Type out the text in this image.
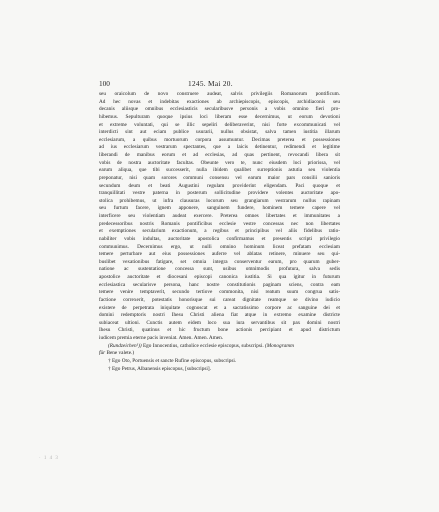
100	1245. Mai 20.

seu oraicolum de novo construere audeat, salvis privilegiis Romanorum pontificum.
Ad hec novas et indebitas exactiones ab archiepiscopis, episcopis, archidiaconis seu
decanis aliisque omnibus ecclesiasticis secularibusve personis a vobis omnino fieri pro-
hibemus. Sepulturam quoque ipsius loci liberam esse decernimus, ut eorum devotioni
et extreme voluntati, qui se illic sepeliri deliberaverint, nisi forte excommunicati vel
interdicti sint aut eciam publice usurarii, nullus obsistat, salva tamen iustitia illarum
ecclesiarum, a quibus mortuorum corpora assumuntur. Decimas preterea et possessiones
ad ius ecclesiarum vestrarum spectantes, que a laicis detinentur, redimendi et legitime
liberandi de manibus eorum et ad ecclesias, ad quas pertinent, revocandi libera sit
vobis de nostra auctoritate facultas. Obeunte vero te, nunc eiusdem loci priorissa, vel
earum aliqua, que tibi successerit, nulla ibidem qualibet surreptionis astutia seu violentia
preponatur, nisi quam sorores communi consensu vel earum maior pars consilii sanioris
secundum deum et beati Augustini regulam providerint eligendam. Paci quoque et
tranquillitati vestre paterna in posterum sollicitudine providere volentes auctoritate apo-
stolica prohibemus, ut infra clausuras locorum seu grangiarum vestrarum nullus rapinam
seu furtum facere, ignem apponere, sanguinem fundere, hominem temere capere vel
interficere seu violentiam audeat exercere. Preterea omnes libertates et immunitates a
predecessoribus nostris Romanis pontificibus ecclesie vestre concessas nec non libertates
et exemptiones secularium exactionum, a regibus et principibus vel aliis fidelibus ratio-
nabiliter vobis indultas, auctoritate apostolica confirmamus et presentis scripti privilegio
communimus. Decernimus ergo, ut nulli omnino hominum liceat prefatam ecclesiam
temere perturbare aut eius possessiones auferre vel ablatas retinere, minuere seu qui-
buslibet vexationibus fatigare, set omnia integra conserventur earum, pro quarum guber-
natione ac sustentatione concessa sunt, usibus omnimodis profutura, salva sedis
apostolice auctoritate et diocesani episcopi canonica iustitia. Si qua igitur in futurum
ecclesiastica secularisve persona, hanc nostre constitutionis paginam sciens, contra eam
temere venire temptaverit, secundo tertiove commonita, nisi reatum suum congrua satis-
factione correxerit, potestatis honorisque sui careat dignitate reamque se divino iudicio
existere de perpetrata iniquitate cognoscat et a sacratissimo corpore ac sanguine dei et
domini redemptoris nostri Ihesu Christi aliena fiat atque in extremo examine districte
subiaceat ultioni. Cunctis autem eidem loco sua iura servantibus sit pax domini nostri
Ihesu Christi, quatinus et hic fructum bone actionis percipiant et apud districtum
iudicem premia eterne pacis inveniat. Amen. Amen. Amen.

(Rundzeichen¹)) Ego Innocentius, catholice ecclesie episcopus, subscripsi. (Monogramm
für Bene valete.)

† Ego Oto, Portuensis et sancte Rufine episcopus, subscripsi.
† Ego Petrus, Albanensis episcopus, [subscripsi].
· 1 4 3
